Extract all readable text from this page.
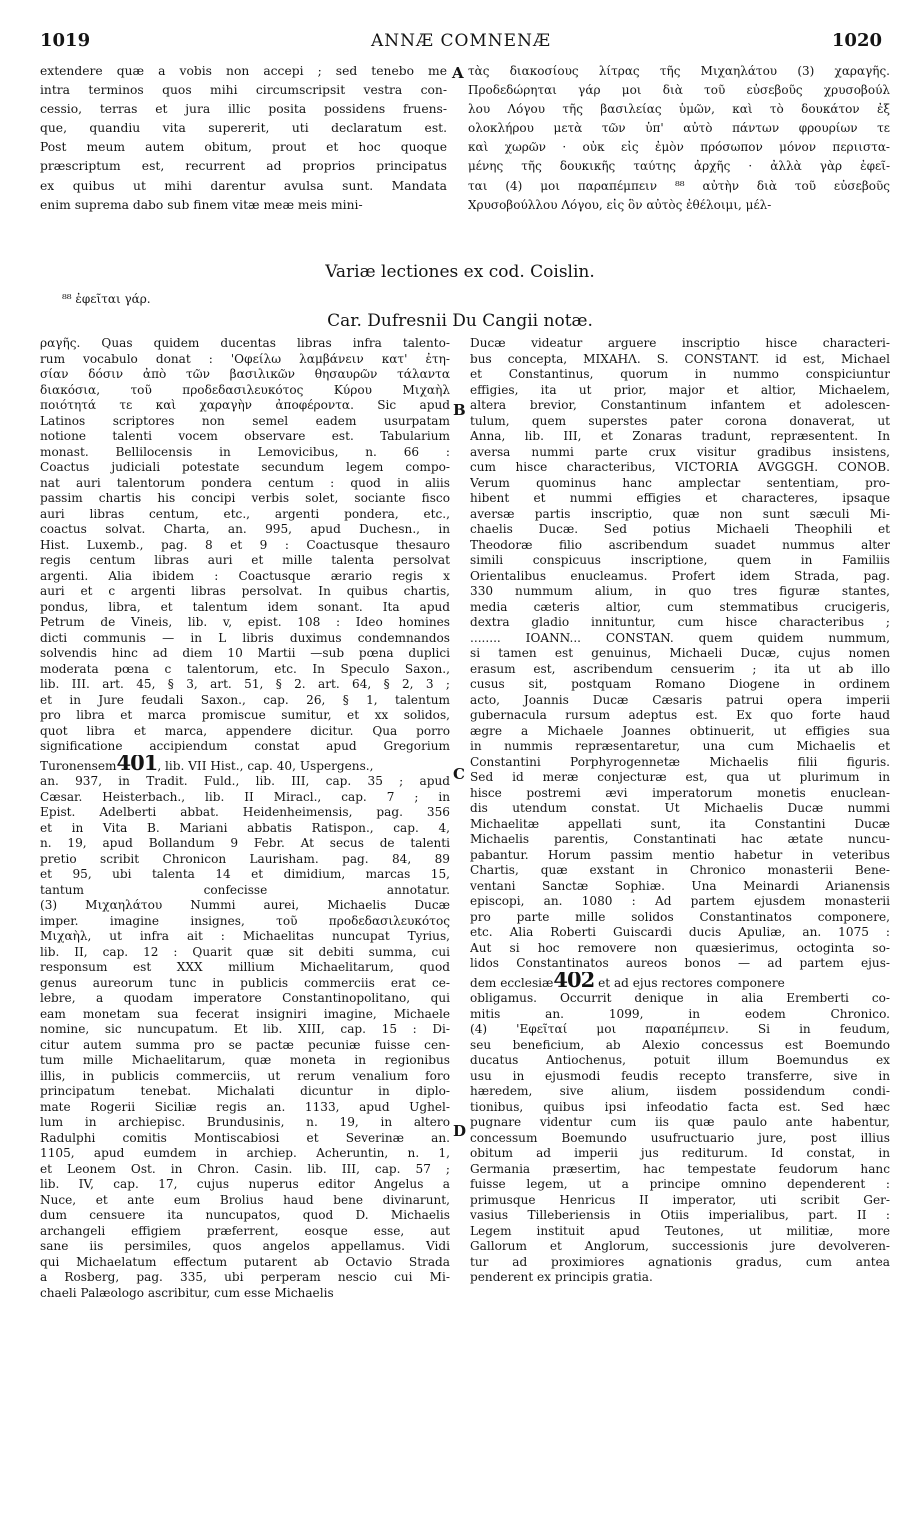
1019	ANNÆ COMNENÆ	1020
extendere quæ a vobis non accepi ; sed tenebo me
intra terminos quos mihi circumscripsit vestra con-
cessio, terras et jura illic posita possidens fruens-
que, quandiu vita supererit, uti declaratum est.
Post meum autem obitum, prout et hoc quoque
præscriptum est, recurrent ad proprios principatus
ex quibus ut mihi darentur avulsa sunt. Mandata
enim suprema dabo sub finem vitæ meæ meis mini-
A τὰς διακοσίους λίτρας τῆς Μιχαηλάτου (3) χαραγῆς.
Προδεδώρηται γάρ μοι διὰ τοῦ εὐσεβοῦς χρυσοβούλ
λου Λόγου τῆς βασιλείας ὑμῶν, καὶ τὸ δουκάτον ἐξ
ολοκλήρου μετὰ τῶν ὑπ' αὐτὸ πάντων φρουρίων τε
καὶ χωρῶν · οὐκ εἰς ἐμὸν πρόσωπον μόνον περιιστα-
μένης τῆς δουκικῆς ταύτης ἀρχῆς · ἀλλὰ γὰρ ἐφεῖ-
ται (4) μοι παραπέμπειν ⁸⁸ αὐτὴν διὰ τοῦ εὐσεβοῦς
Χρυσοβούλλου Λόγου, εἰς ὃν αὐτὸς ἐθέλοιμι, μέλ-
Variæ lectiones ex cod. Coislin.
⁸⁸ ἐφεῖται γάρ.
Car. Dufresnii Du Cangii notæ.
ραγῆς. Quas quidem ducentas libras infra talento-
rum vocabulo donat : 'Οφείλω λαμβάνειν κατ' ἐτη-
σίαν δόσιν ἀπὸ τῶν βασιλικῶν θησαυρῶν τάλαντα
διακόσια, τοῦ προδεδασιλευκότος Κύρου Μιχαὴλ
ποιότητά τε καὶ χαραγὴν ἀποφέροντα. Sic apud
Latinos scriptores non semel eadem usurpatam
notione talenti vocem observare est. Tabularium
monast. Bellilocensis in Lemovicibus, n. 66 :
Coactus judiciali potestate secundum legem compo-
nat auri talentorum pondera centum : quod in aliis
passim chartis his concipi verbis solet, sociante fisco
auri libras centum, etc., argenti pondera, etc.,
coactus solvat. Charta, an. 995, apud Duchesn., in
Hist. Luxemb., pag. 8 et 9 : Coactusque thesauro
regis centum libras auri et mille talenta persolvat
argenti. Alia ibidem : Coactusque ærario regis x
auri et c argenti libras persolvat. In quibus chartis,
pondus, libra, et talentum idem sonant. Ita apud
Petrum de Vineis, lib. v, epist. 108 : Ideo homines
dicti communis — in L libris duximus condemnandos
solvendis hinc ad diem 10 Martii —sub pœna duplici
moderata pœna c talentorum, etc. In Speculo Saxon.,
lib. III. art. 45, § 3, art. 51, § 2. art. 64, § 2, 3 ;
et in Jure feudali Saxon., cap. 26, § 1, talentum
pro libra et marca promiscue sumitur, et xx solidos,
quot libra et marca, appendere dicitur. Qua porro
significatione accipiendum constat apud Gregorium
Turonensem401, lib. VII Hist., cap. 40, Uspergens.,
an. 937, in Tradit. Fuld., lib. III, cap. 35 ; apud
Cæsar. Heisterbach., lib. II Miracl., cap. 7 ; in
Epist. Adelberti abbat. Heidenheimensis, pag. 356
et in Vita B. Mariani abbatis Ratispon., cap. 4,
n. 19, apud Bollandum 9 Febr. At secus de talenti
pretio scribit Chronicon Laurisham. pag. 84, 89
et 95, ubi talenta 14 et dimidium, marcas 15,
tantum confecisse annotatur.
(3) Μιχαηλάτου Nummi aurei, Michaelis Ducæ
imper. imagine insignes, τοῦ προδεδασιλευκότος
Μιχαὴλ, ut infra ait : Michaelitas nuncupat Tyrius,
lib. II, cap. 12 : Quarit quæ sit debiti summa, cui
responsum est XXX millium Michaelitarum, quod
genus aureorum tunc in publicis commerciis erat ce-
lebre, a quodam imperatore Constantinopolitano, qui
eam monetam sua fecerat insigniri imagine, Michaele
nomine, sic nuncupatum. Et lib. XIII, cap. 15 : Di-
citur autem summa pro se pactæ pecuniæ fuisse cen-
tum mille Michaelitarum, quæ moneta in regionibus
illis, in publicis commerciis, ut rerum venalium foro
principatum tenebat. Michalati dicuntur in diplo-
mate Rogerii Siciliæ regis an. 1133, apud Ughel-
lum in archiepisc. Brundusinis, n. 19, in altero
Radulphi comitis Montiscabiosi et Severinæ an.
1105, apud eumdem in archiep. Acheruntin, n. 1,
et Leonem Ost. in Chron. Casin. lib. III, cap. 57 ;
lib. IV, cap. 17, cujus nuperus editor Angelus a
Nuce, et ante eum Brolius haud bene divinarunt,
dum censuere ita nuncupatos, quod D. Michaelis
archangeli effigiem præferrent, eosque esse, aut
sane iis persimiles, quos angelos appellamus. Vidi
qui Michaelatum effectum putarent ab Octavio Strada
a Rosberg, pag. 335, ubi perperam nescio cui Mi-
chaeli Palæologo ascribitur, cum esse Michaelis
B
C
D
Ducæ videatur arguere inscriptio hisce characteri-
bus concepta, ΜΙΧΑΗΛ. S. CONSTANT. id est, Michael
et Constantinus, quorum in nummo conspiciuntur
effigies, ita ut prior, major et altior, Michaelem,
altera brevior, Constantinum infantem et adolescen-
tulum, quem superstes pater corona donaverat, ut
Anna, lib. III, et Zonaras tradunt, repræsentent. In
aversa nummi parte crux visitur gradibus insistens,
cum hisce characteribus, VICTORIA AVGGGH. CONOB.
Verum quominus hanc amplectar sententiam, pro-
hibent et nummi effigies et characteres, ipsaque
aversæ partis inscriptio, quæ non sunt sæculi Mi-
chaelis Ducæ. Sed potius Michaeli Theophili et
Theodoræ filio ascribendum suadet nummus alter
simili conspicuus inscriptione, quem in Familiis
Orientalibus enucleamus. Profert idem Strada, pag.
330 nummum alium, in quo tres figuræ stantes,
media cæteris altior, cum stemmatibus crucigeris,
dextra gladio innituntur, cum hisce characteribus ;
........ IOANN... CONSTAN. quem quidem nummum,
si tamen est genuinus, Michaeli Ducæ, cujus nomen
erasum est, ascribendum censuerim ; ita ut ab illo
cusus sit, postquam Romano Diogene in ordinem
acto, Joannis Ducæ Cæsaris patrui opera imperii
gubernacula rursum adeptus est. Ex quo forte haud
ægre a Michaele Joannes obtinuerit, ut effigies sua
in nummis repræsentaretur, una cum Michaelis et
Constantini Porphyrogennetæ Michaelis filii figuris.
Sed id meræ conjecturæ est, qua ut plurimum in
hisce postremi ævi imperatorum monetis enuclean-
dis utendum constat. Ut Michaelis Ducæ nummi
Michaelitæ appellati sunt, ita Constantini Ducæ
Michaelis parentis, Constantinati hac ætate nuncu-
pabantur. Horum passim mentio habetur in veteribus
Chartis, quæ exstant in Chronico monasterii Bene-
ventani Sanctæ Sophiæ. Una Meinardi Arianensis
episcopi, an. 1080 : Ad partem ejusdem monasterii
pro parte mille solidos Constantinatos componere,
etc. Alia Roberti Guiscardi ducis Apuliæ, an. 1075 :
Aut si hoc removere non quæsierimus, octoginta so-
lidos Constantinatos aureos bonos — ad partem ejus-
dem ecclesiæ402 et ad ejus rectores componere
obligamus. Occurrit denique in alia Eremberti co-
mitis an. 1099, in eodem Chronico.
(4) 'Εφεῖταί μοι παραπέμπειν. Si in feudum,
seu beneficium, ab Alexio concessus est Boemundo
ducatus Antiochenus, potuit illum Boemundus ex
usu in ejusmodi feudis recepto transferre, sive in
hæredem, sive alium, iisdem possidendum condi-
tionibus, quibus ipsi infeodatio facta est. Sed hæc
pugnare videntur cum iis quæ paulo ante habentur,
concessum Boemundo usufructuario jure, post illius
obitum ad imperii jus rediturum. Id constat, in
Germania præsertim, hac tempestate feudorum hanc
fuisse legem, ut a principe omnino dependerent :
primusque Henricus II imperator, uti scribit Ger-
vasius Tilleberiensis in Otiis imperialibus, part. II :
Legem instituit apud Teutones, ut militiæ, more
Gallorum et Anglorum, successionis jure devolveren-
tur ad proximiores agnationis gradus, cum antea
penderent ex principis gratia.
